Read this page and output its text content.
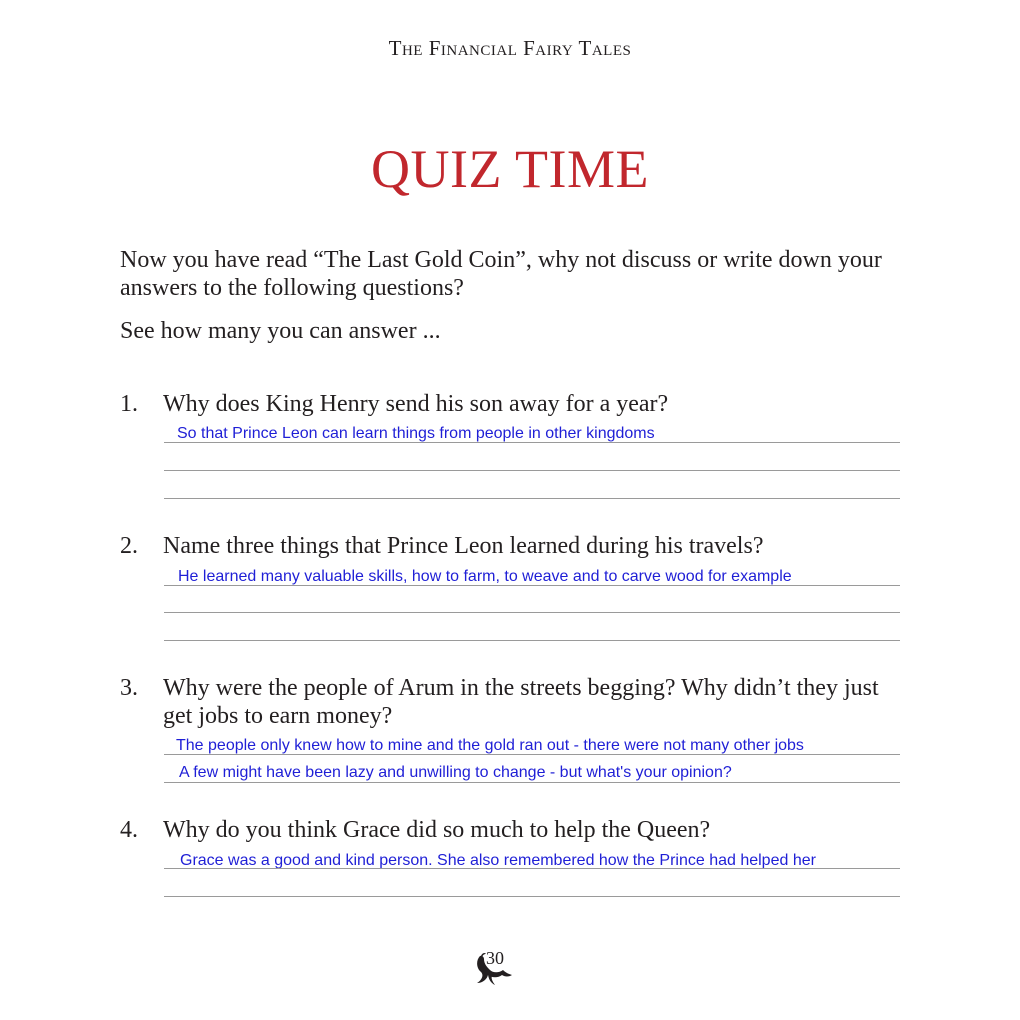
The Financial Fairy Tales
QUIZ TIME
Now you have read “The Last Gold Coin”, why not discuss or write down your answers to the following questions?
See how many you can answer ...
1. Why does King Henry send his son away for a year?
So that Prince Leon can learn things from people in other kingdoms
2. Name three things that Prince Leon learned during his travels?
He learned many valuable skills, how to farm, to weave and to carve wood for example
3. Why were the people of Arum in the streets begging? Why didn’t they just get jobs to earn money?
The people only knew how to mine and the gold ran out - there were not many other jobs
A few might have been lazy and unwilling to change - but what's your opinion?
4. Why do you think Grace did so much to help the Queen?
Grace was a good and kind person. She also remembered how the Prince had helped her
30
